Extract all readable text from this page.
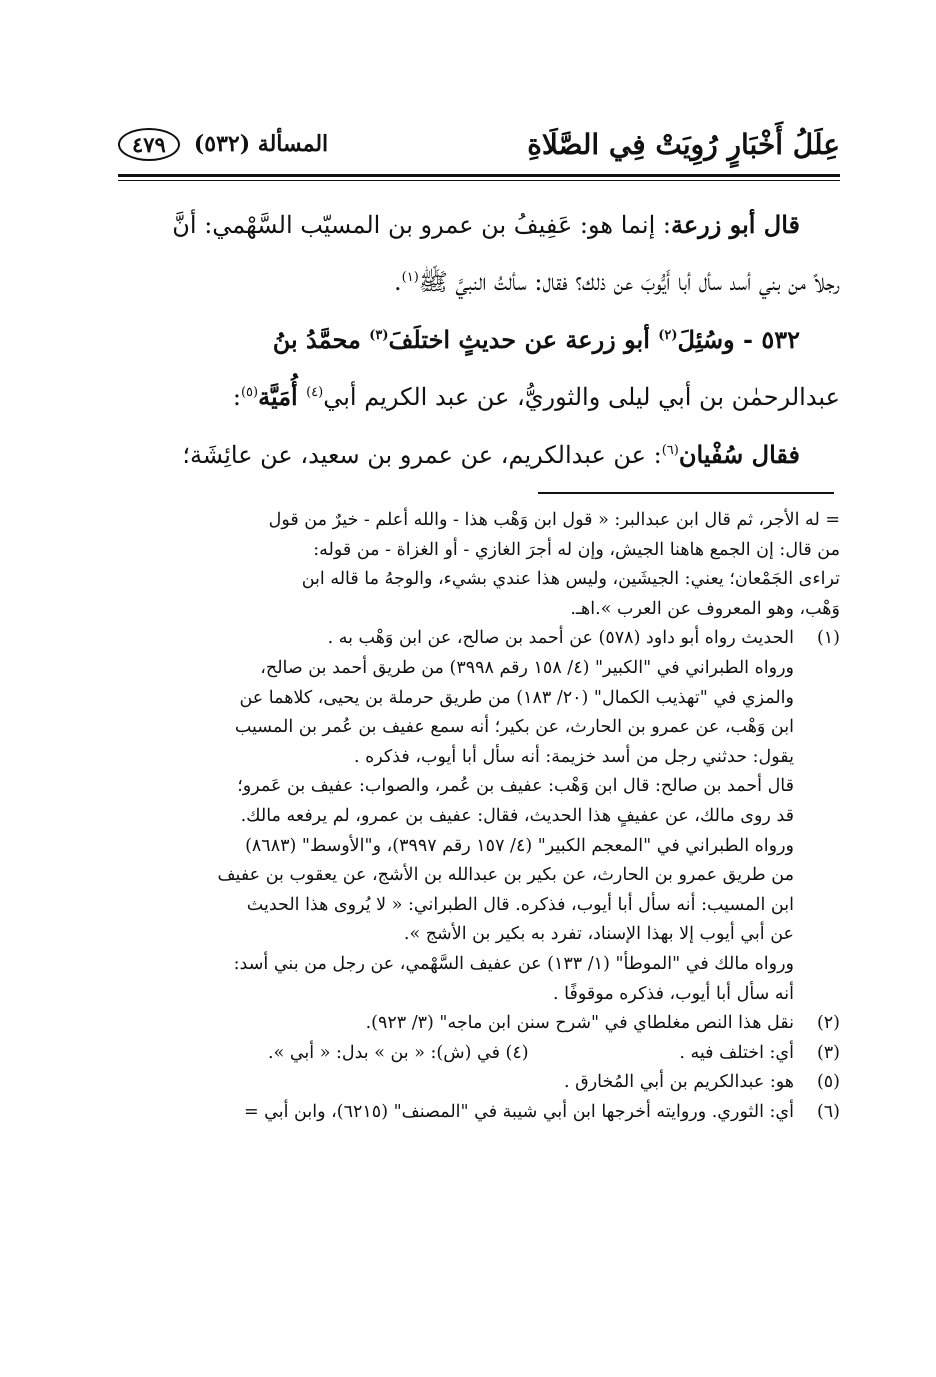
عِلَلُ أَخْبَارٍ رُوِيَتْ فِي الصَّلَاةِ
المسألة (٥٣٢)
٤٧٩

قال أبو زرعة: إنما هو: عَفِيفُ بن عمرو بن المسيّب السَّهْمي: أنَّ

رجلاً من بني أسد سأل أبا أَيُّوبَ عن ذلك؟ فقال: سألتُ النبيَّ ﷺ$^{(١)}$.

٥٣٢ - وسُئِلَ$^{(٢)}$ أبو زرعة عن حديثٍ اختلَفَ$^{(٣)}$ محمَّدُ بنُ

عبدالرحمٰن بن أبي ليلى والثوريُّ، عن عبد الكريم أبي$^{(٤)}$ أُمَيَّة$^{(٥)}$:

فقال سُفْيان$^{(٦)}$: عن عبدالكريم، عن عمرو بن سعيد، عن عائِشَة؛

= له الأجر، ثم قال ابن عبدالبر: « قول ابن وَهْب هذا - والله أعلم - خيرٌ من قول

من قال: إن الجمع هاهنا الجيش، وإن له أجرَ الغازي - أو الغزاة - من قوله:

تراءى الجَمْعان؛ يعني: الجيشَين، وليس هذا عندي بشيء، والوجهُ ما قاله ابن

وَهْب، وهو المعروف عن العرب ».اهـ.

(١)

الحديث رواه أبو داود (٥٧٨) عن أحمد بن صالح، عن ابن وَهْب به .

ورواه الطبراني في "الكبير" (٤/ ١٥٨ رقم ٣٩٩٨) من طريق أحمد بن صالح،

والمزي في "تهذيب الكمال" (٢٠/ ١٨٣) من طريق حرملة بن يحيى، كلاهما عن

ابن وَهْب، عن عمرو بن الحارث، عن بكير؛ أنه سمع عفيف بن عُمر بن المسيب

يقول: حدثني رجل من أسد خزيمة: أنه سأل أبا أيوب، فذكره .

قال أحمد بن صالح: قال ابن وَهْب: عفيف بن عُمر، والصواب: عفيف بن عَمرو؛

قد روى مالك، عن عفيفٍ هذا الحديث، فقال: عفيف بن عمرو، لم يرفعه مالك.

ورواه الطبراني في "المعجم الكبير" (٤/ ١٥٧ رقم ٣٩٩٧)، و"الأوسط" (٨٦٨٣)

من طريق عمرو بن الحارث، عن بكير بن عبدالله بن الأشج، عن يعقوب بن عفيف

ابن المسيب: أنه سأل أبا أيوب، فذكره. قال الطبراني: « لا يُروى هذا الحديث

عن أبي أيوب إلا بهذا الإسناد، تفرد به بكير بن الأشج ».

ورواه مالك في "الموطأ" (١/ ١٣٣) عن عفيف السَّهْمي، عن رجل من بني أسد:

أنه سأل أبا أيوب، فذكره موقوفًا .

(٢)

نقل هذا النص مغلطاي في "شرح سنن ابن ماجه" (٣/ ٩٢٣).

(٣)
أي: اختلف فيه .
(٤) في (ش): « بن » بدل: « أبي ».
(٥)

هو: عبدالكريم بن أبي المُخارق .

(٦)

أي: الثوري. وروايته أخرجها ابن أبي شيبة في "المصنف" (٦٢١٥)، وابن أبي =
